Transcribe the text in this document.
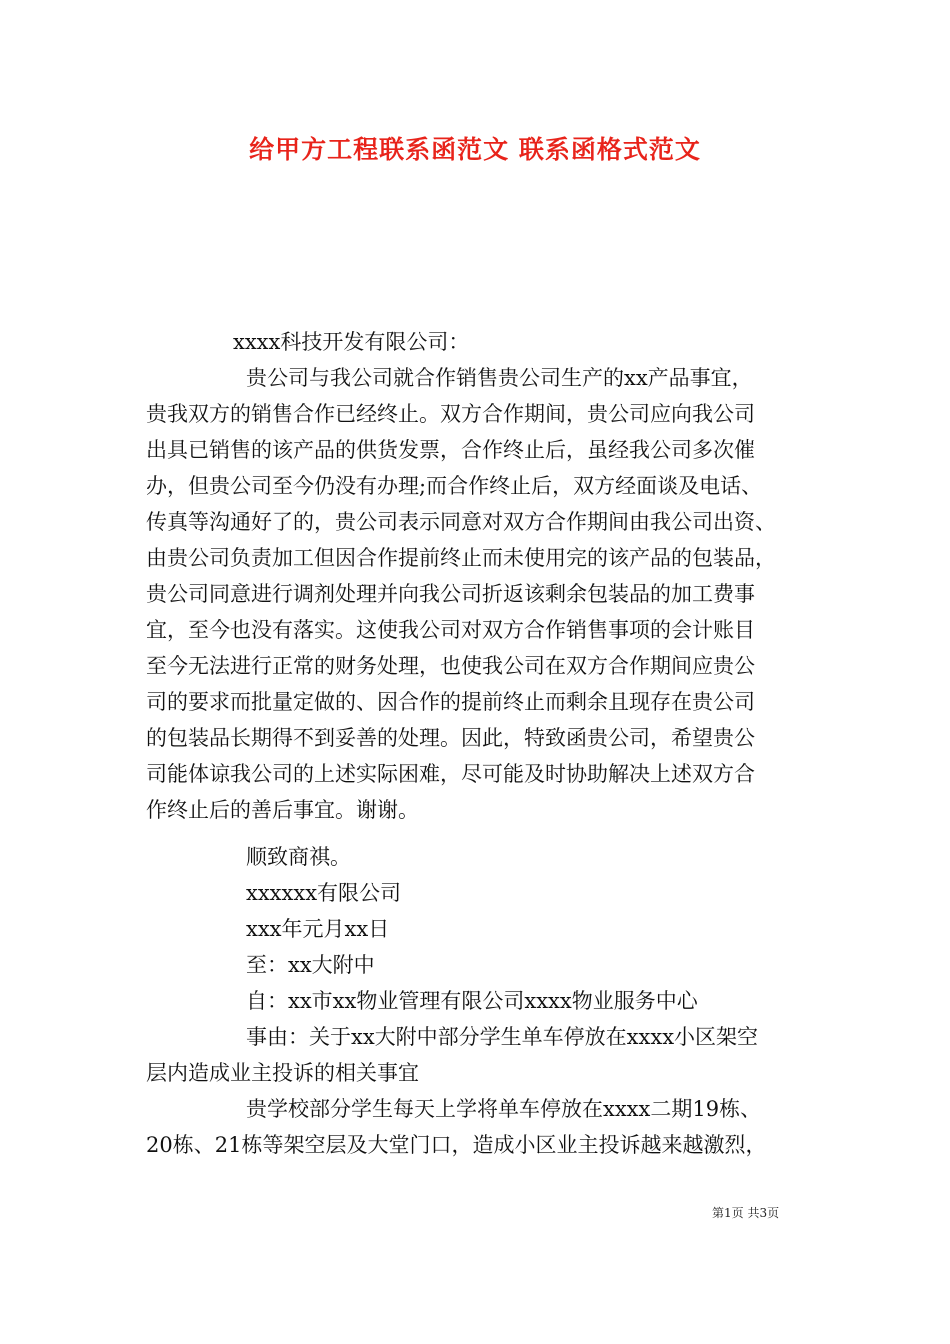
给甲方工程联系函范文 联系函格式范文
xxxx科技开发有限公司：
贵公司与我公司就合作销售贵公司生产的xx产品事宜，
贵我双方的销售合作已经终止。双方合作期间，贵公司应向我公司
出具已销售的该产品的供货发票，合作终止后，虽经我公司多次催
办，但贵公司至今仍没有办理;而合作终止后，双方经面谈及电话、
传真等沟通好了的，贵公司表示同意对双方合作期间由我公司出资、
由贵公司负责加工但因合作提前终止而未使用完的该产品的包装品，
贵公司同意进行调剂处理并向我公司折返该剩余包装品的加工费事
宜，至今也没有落实。这使我公司对双方合作销售事项的会计账目
至今无法进行正常的财务处理，也使我公司在双方合作期间应贵公
司的要求而批量定做的、因合作的提前终止而剩余且现存在贵公司
的包装品长期得不到妥善的处理。因此，特致函贵公司，希望贵公
司能体谅我公司的上述实际困难，尽可能及时协助解决上述双方合
作终止后的善后事宜。谢谢。
顺致商祺。
xxxxxx有限公司
xxx年元月xx日
至：xx大附中
自：xx市xx物业管理有限公司xxxx物业服务中心
事由：关于xx大附中部分学生单车停放在xxxx小区架空
层内造成业主投诉的相关事宜
贵学校部分学生每天上学将单车停放在xxxx二期19栋、
20栋、21栋等架空层及大堂门口，造成小区业主投诉越来越激烈，
第1页 共3页
